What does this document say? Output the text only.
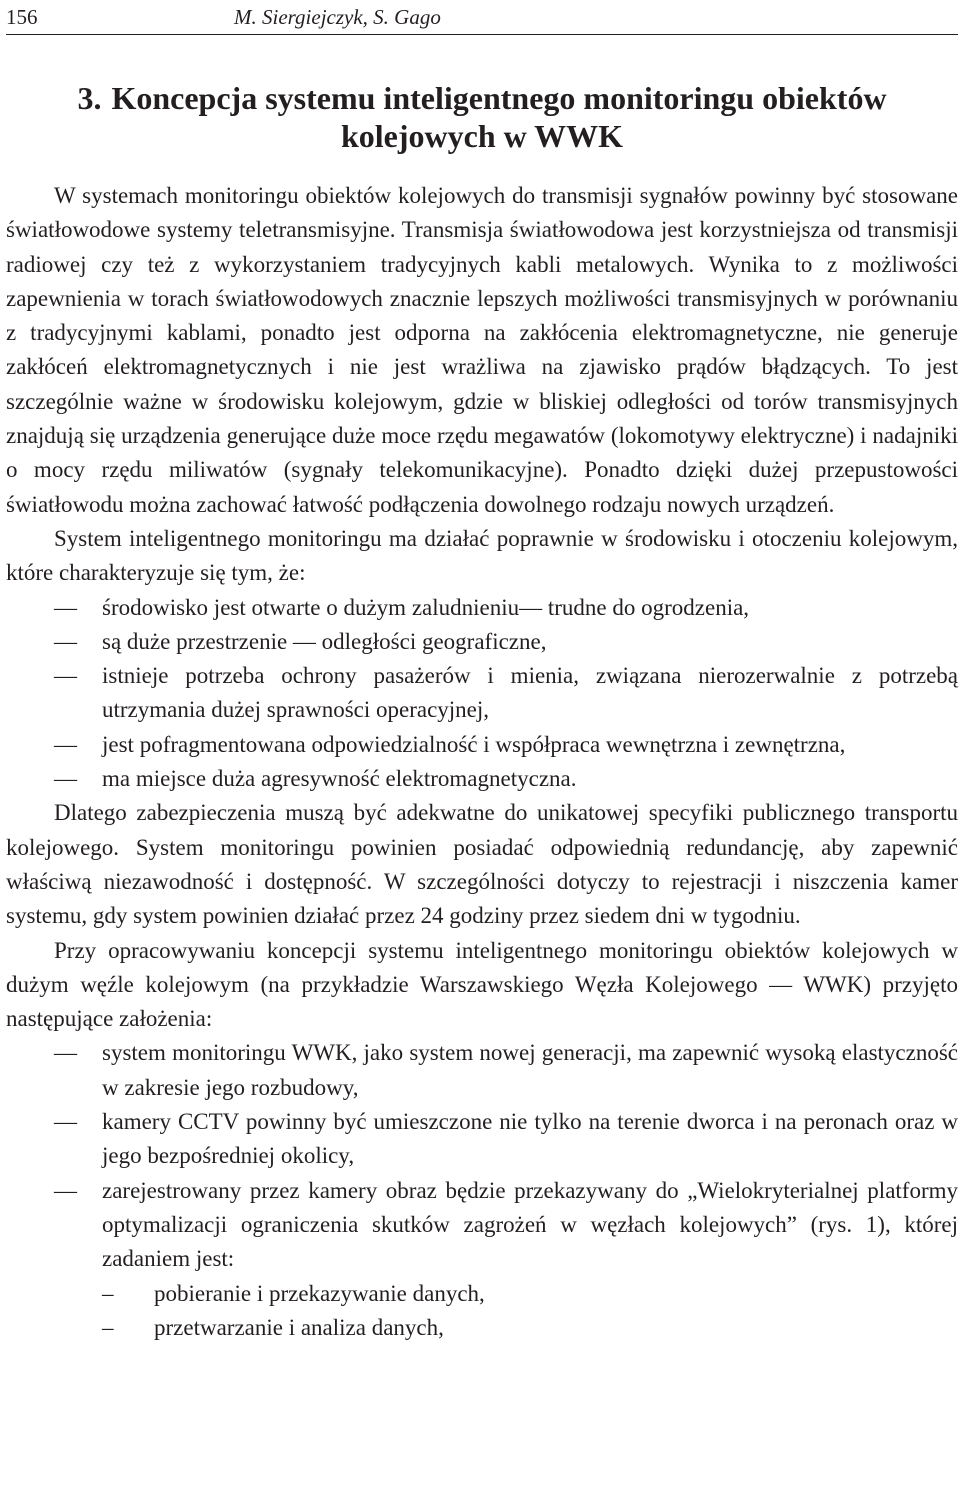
156	M. Siergiejczyk, S. Gago
3. Koncepcja systemu inteligentnego monitoringu obiektów kolejowych w WWK

W systemach monitoringu obiektów kolejowych do transmisji sygnałów powinny być stosowane światłowodowe systemy teletransmisyjne. Transmisja światłowodowa jest korzystniejsza od transmisji radiowej czy też z wykorzystaniem tradycyjnych kabli metalowych. Wynika to z możliwości zapewnienia w torach światłowodowych znacznie lepszych możliwości transmisyjnych w porównaniu z tradycyjnymi kablami, ponadto jest odporna na zakłócenia elektromagnetyczne, nie generuje zakłóceń elektromagnetycznych i nie jest wrażliwa na zjawisko prądów błądzących. To jest szczególnie ważne w środowisku kolejowym, gdzie w bliskiej odległości od torów transmisyjnych znajdują się urządzenia generujące duże moce rzędu megawatów (lokomotywy elektryczne) i nadajniki o mocy rzędu miliwatów (sygnały telekomunikacyjne). Ponadto dzięki dużej przepustowości światłowodu można zachować łatwość podłączenia dowolnego rodzaju nowych urządzeń.

System inteligentnego monitoringu ma działać poprawnie w środowisku i otoczeniu kolejowym, które charakteryzuje się tym, że:

— środowisko jest otwarte o dużym zaludnieniu— trudne do ogrodzenia,
— są duże przestrzenie — odległości geograficzne,
— istnieje potrzeba ochrony pasażerów i mienia, związana nierozerwalnie z potrzebą utrzymania dużej sprawności operacyjnej,
— jest pofragmentowana odpowiedzialność i współpraca wewnętrzna i zewnętrzna,
— ma miejsce duża agresywność elektromagnetyczna.

Dlatego zabezpieczenia muszą być adekwatne do unikatowej specyfiki publicznego transportu kolejowego. System monitoringu powinien posiadać odpowiednią redundancję, aby zapewnić właściwą niezawodność i dostępność. W szczególności dotyczy to rejestracji i niszczenia kamer systemu, gdy system powinien działać przez 24 godziny przez siedem dni w tygodniu.

Przy opracowywaniu koncepcji systemu inteligentnego monitoringu obiektów kolejowych w dużym węźle kolejowym (na przykładzie Warszawskiego Węzła Kolejowego — WWK) przyjęto następujące założenia:

— system monitoringu WWK, jako system nowej generacji, ma zapewnić wysoką elastyczność w zakresie jego rozbudowy,
— kamery CCTV powinny być umieszczone nie tylko na terenie dworca i na peronach oraz w jego bezpośredniej okolicy,
— zarejestrowany przez kamery obraz będzie przekazywany do „Wielokryterialnej platformy optymalizacji ograniczenia skutków zagrożeń w węzłach kolejowych” (rys. 1), której zadaniem jest:
– pobieranie i przekazywanie danych,
– przetwarzanie i analiza danych,
